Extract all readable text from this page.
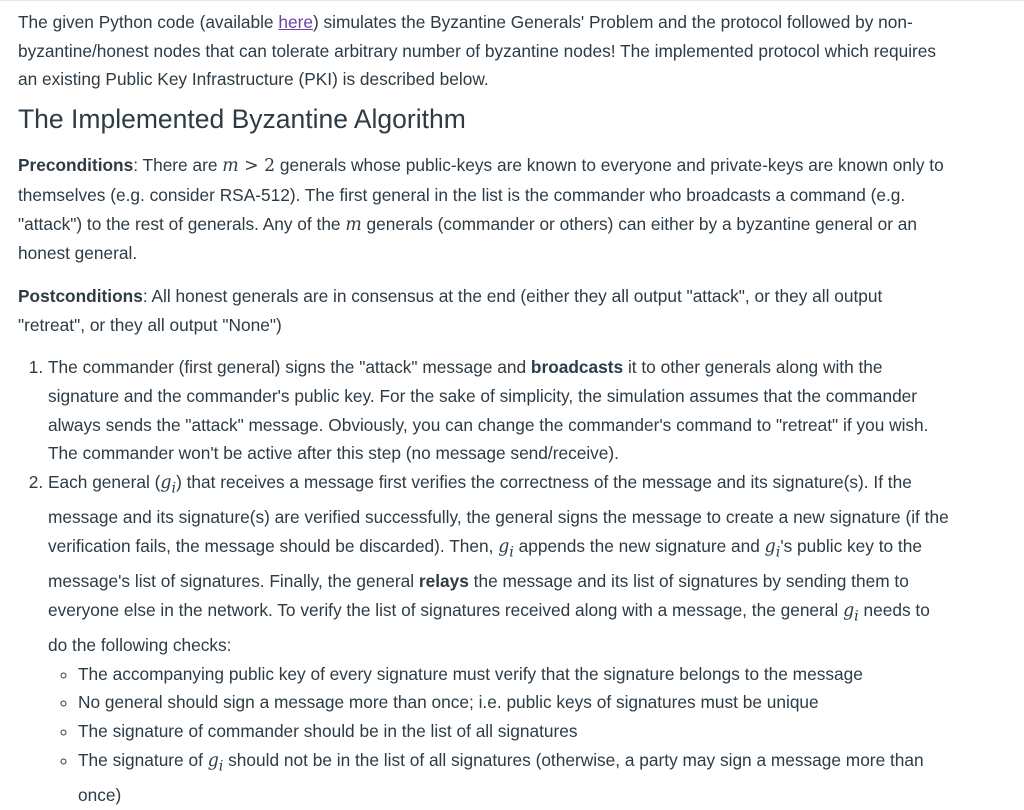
The given Python code (available here) simulates the Byzantine Generals' Problem and the protocol followed by non-byzantine/honest nodes that can tolerate arbitrary number of byzantine nodes! The implemented protocol which requires an existing Public Key Infrastructure (PKI) is described below.

The Implemented Byzantine Algorithm

Preconditions: There are m > 2 generals whose public-keys are known to everyone and private-keys are known only to themselves (e.g. consider RSA-512). The first general in the list is the commander who broadcasts a command (e.g. "attack") to the rest of generals. Any of the m generals (commander or others) can either by a byzantine general or an honest general.

Postconditions: All honest generals are in consensus at the end (either they all output "attack", or they all output "retreat", or they all output "None")

1. The commander (first general) signs the "attack" message and broadcasts it to other generals along with the signature and the commander's public key. For the sake of simplicity, the simulation assumes that the commander always sends the "attack" message. Obviously, you can change the commander's command to "retreat" if you wish. The commander won't be active after this step (no message send/receive).
2. Each general $(g_i)$ that receives a message first verifies the correctness of the message and its signature(s). If the message and its signature(s) are verified successfully, the general signs the message to create a new signature (if the verification fails, the message should be discarded). Then, $g_i$ appends the new signature and $g_i's$ public key to the message's list of signatures. Finally, the general relays the message and its list of signatures by sending them to everyone else in the network. To verify the list of signatures received along with a message, the general $g_i$ needs to do the following checks:
◦ The accompanying public key of every signature must verify that the signature belongs to the message
◦ No general should sign a message more than once; i.e. public keys of signatures must be unique
◦ The signature of commander should be in the list of all signatures
◦ The signature of $g_i$ should not be in the list of all signatures (otherwise, a party may sign a message more than once)
